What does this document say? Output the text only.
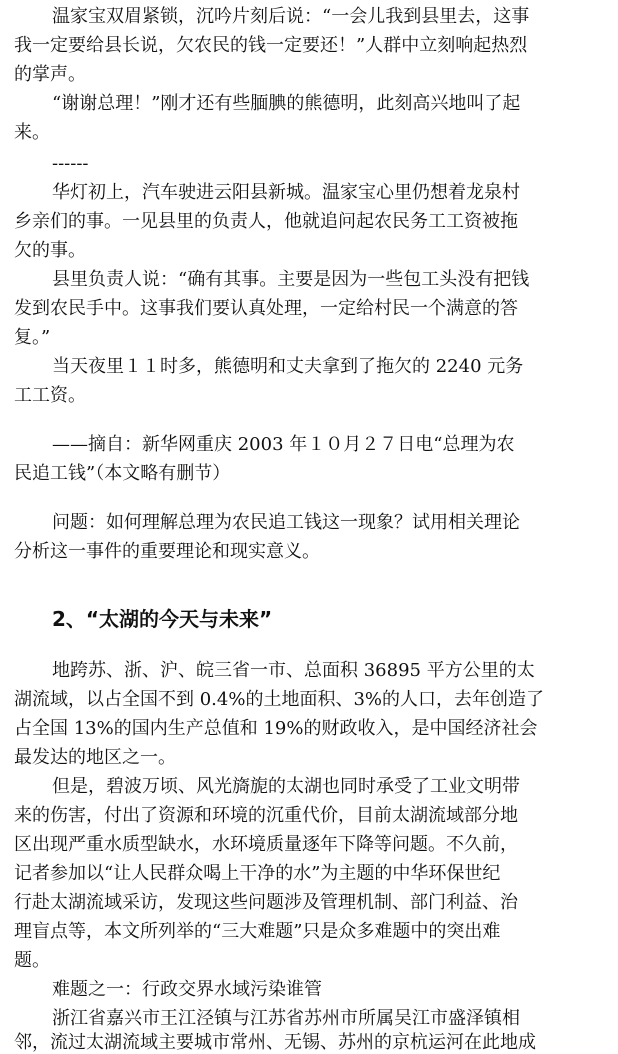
温家宝双眉紧锁，沉吟片刻后说：“一会儿我到县里去，这事

我一定要给县长说，欠农民的钱一定要还！”人群中立刻响起热烈

的掌声。

“谢谢总理！”刚才还有些腼腆的熊德明，此刻高兴地叫了起

来。

------

华灯初上，汽车驶进云阳县新城。温家宝心里仍想着龙泉村

乡亲们的事。一见县里的负责人，他就追问起农民务工工资被拖

欠的事。

县里负责人说：“确有其事。主要是因为一些包工头没有把钱

发到农民手中。这事我们要认真处理，一定给村民一个满意的答

复。”

当天夜里１１时多，熊德明和丈夫拿到了拖欠的 2240 元务

工工资。

——摘自：新华网重庆 2003 年１０月２７日电“总理为农

民追工钱”（本文略有删节）

问题：如何理解总理为农民追工钱这一现象？试用相关理论

分析这一事件的重要理论和现实意义。

2、“太湖的今天与未来”

地跨苏、浙、沪、皖三省一市、总面积 36895 平方公里的太

湖流域，以占全国不到 0.4%的土地面积、3%的人口，去年创造了

占全国 13%的国内生产总值和 19%的财政收入，是中国经济社会

最发达的地区之一。

但是，碧波万顷、风光旖旎的太湖也同时承受了工业文明带

来的伤害，付出了资源和环境的沉重代价，目前太湖流域部分地

区出现严重水质型缺水，水环境质量逐年下降等问题。不久前，

记者参加以“让人民群众喝上干净的水”为主题的中华环保世纪

行赴太湖流域采访，发现这些问题涉及管理机制、部门利益、治

理盲点等，本文所列举的“三大难题”只是众多难题中的突出难

题。

难题之一：行政交界水域污染谁管

浙江省嘉兴市王江泾镇与江苏省苏州市所属吴江市盛泽镇相

邻，流过太湖流域主要城市常州、无锡、苏州的京杭运河在此地成
